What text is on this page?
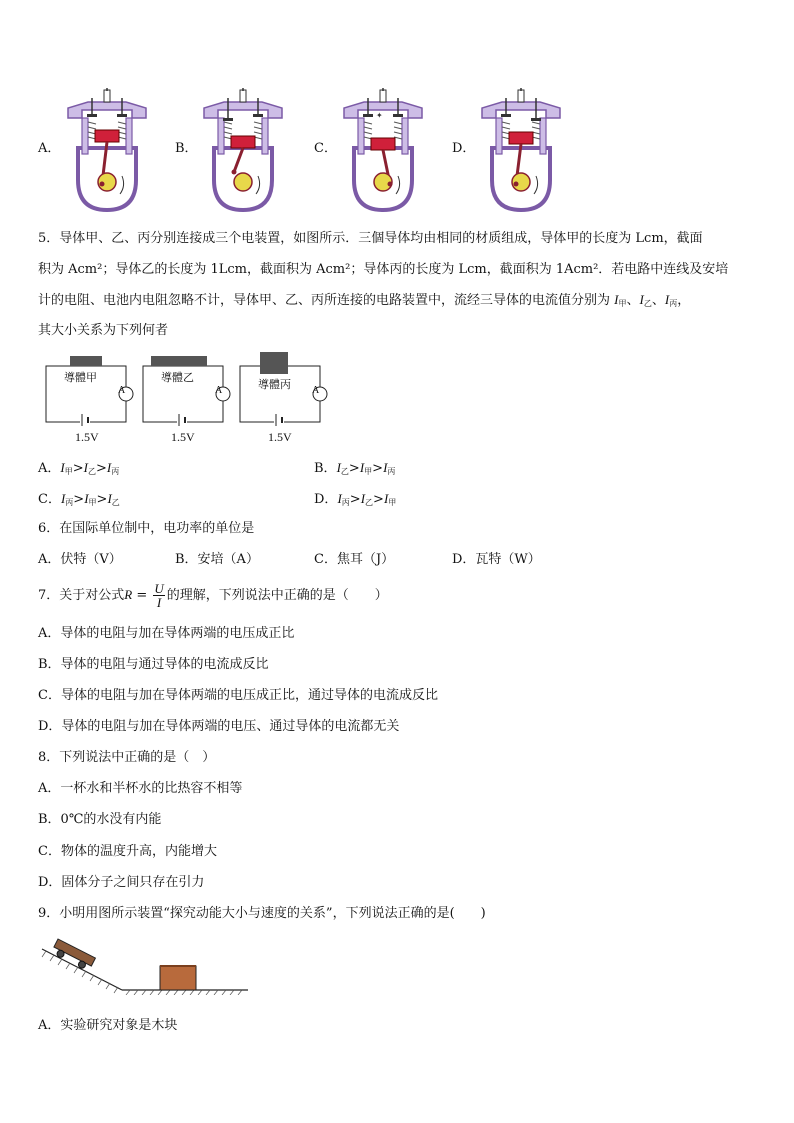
A．	B．	C．
✦
D．
5．导体甲、乙、丙分别连接成三个电装置，如图所示．三個导体均由相同的材质组成，导体甲的长度为 Lcm，截面
积为 Acm²；导体乙的长度为 1Lcm，截面积为 Acm²；导体丙的长度为 Lcm，截面积为 1Acm²．若电路中连线及安培
计的电阻、电池内电阻忽略不计，导体甲、乙、丙所连接的电路装置中，流经三导体的电流值分别为 $I_甲$、$I_乙$、$I_丙$，
其大小关系为下列何者
導體甲	導體乙
導體丙
A	A	A
1.5V	1.5V	1.5V
A．$I_甲>I_乙>I_丙$	B．$I_乙>I_甲>I_丙$
C．$I_丙>I_甲>I_乙$	D．$I_丙>I_乙>I_甲$
6．在国际单位制中，电功率的单位是
A．伏特（V）	B．安培（A）	C．焦耳（J）	D．瓦特（W）
7．关于对公式$R = \frac{U}{I}$ 的理解，下列说法中正确的是（　　）
A．导体的电阻与加在导体两端的电压成正比
B．导体的电阻与通过导体的电流成反比
C．导体的电阻与加在导体两端的电压成正比，通过导体的电流成反比
D．导体的电阻与加在导体两端的电压、通过导体的电流都无关
8．下列说法中正确的是（　）
A．一杯水和半杯水的比热容不相等
B．0℃的水没有内能
C．物体的温度升高，内能增大
D．固体分子之间只存在引力
9．小明用图所示装置“探究动能大小与速度的关系”，下列说法正确的是(　　)
A．实验研究对象是木块
